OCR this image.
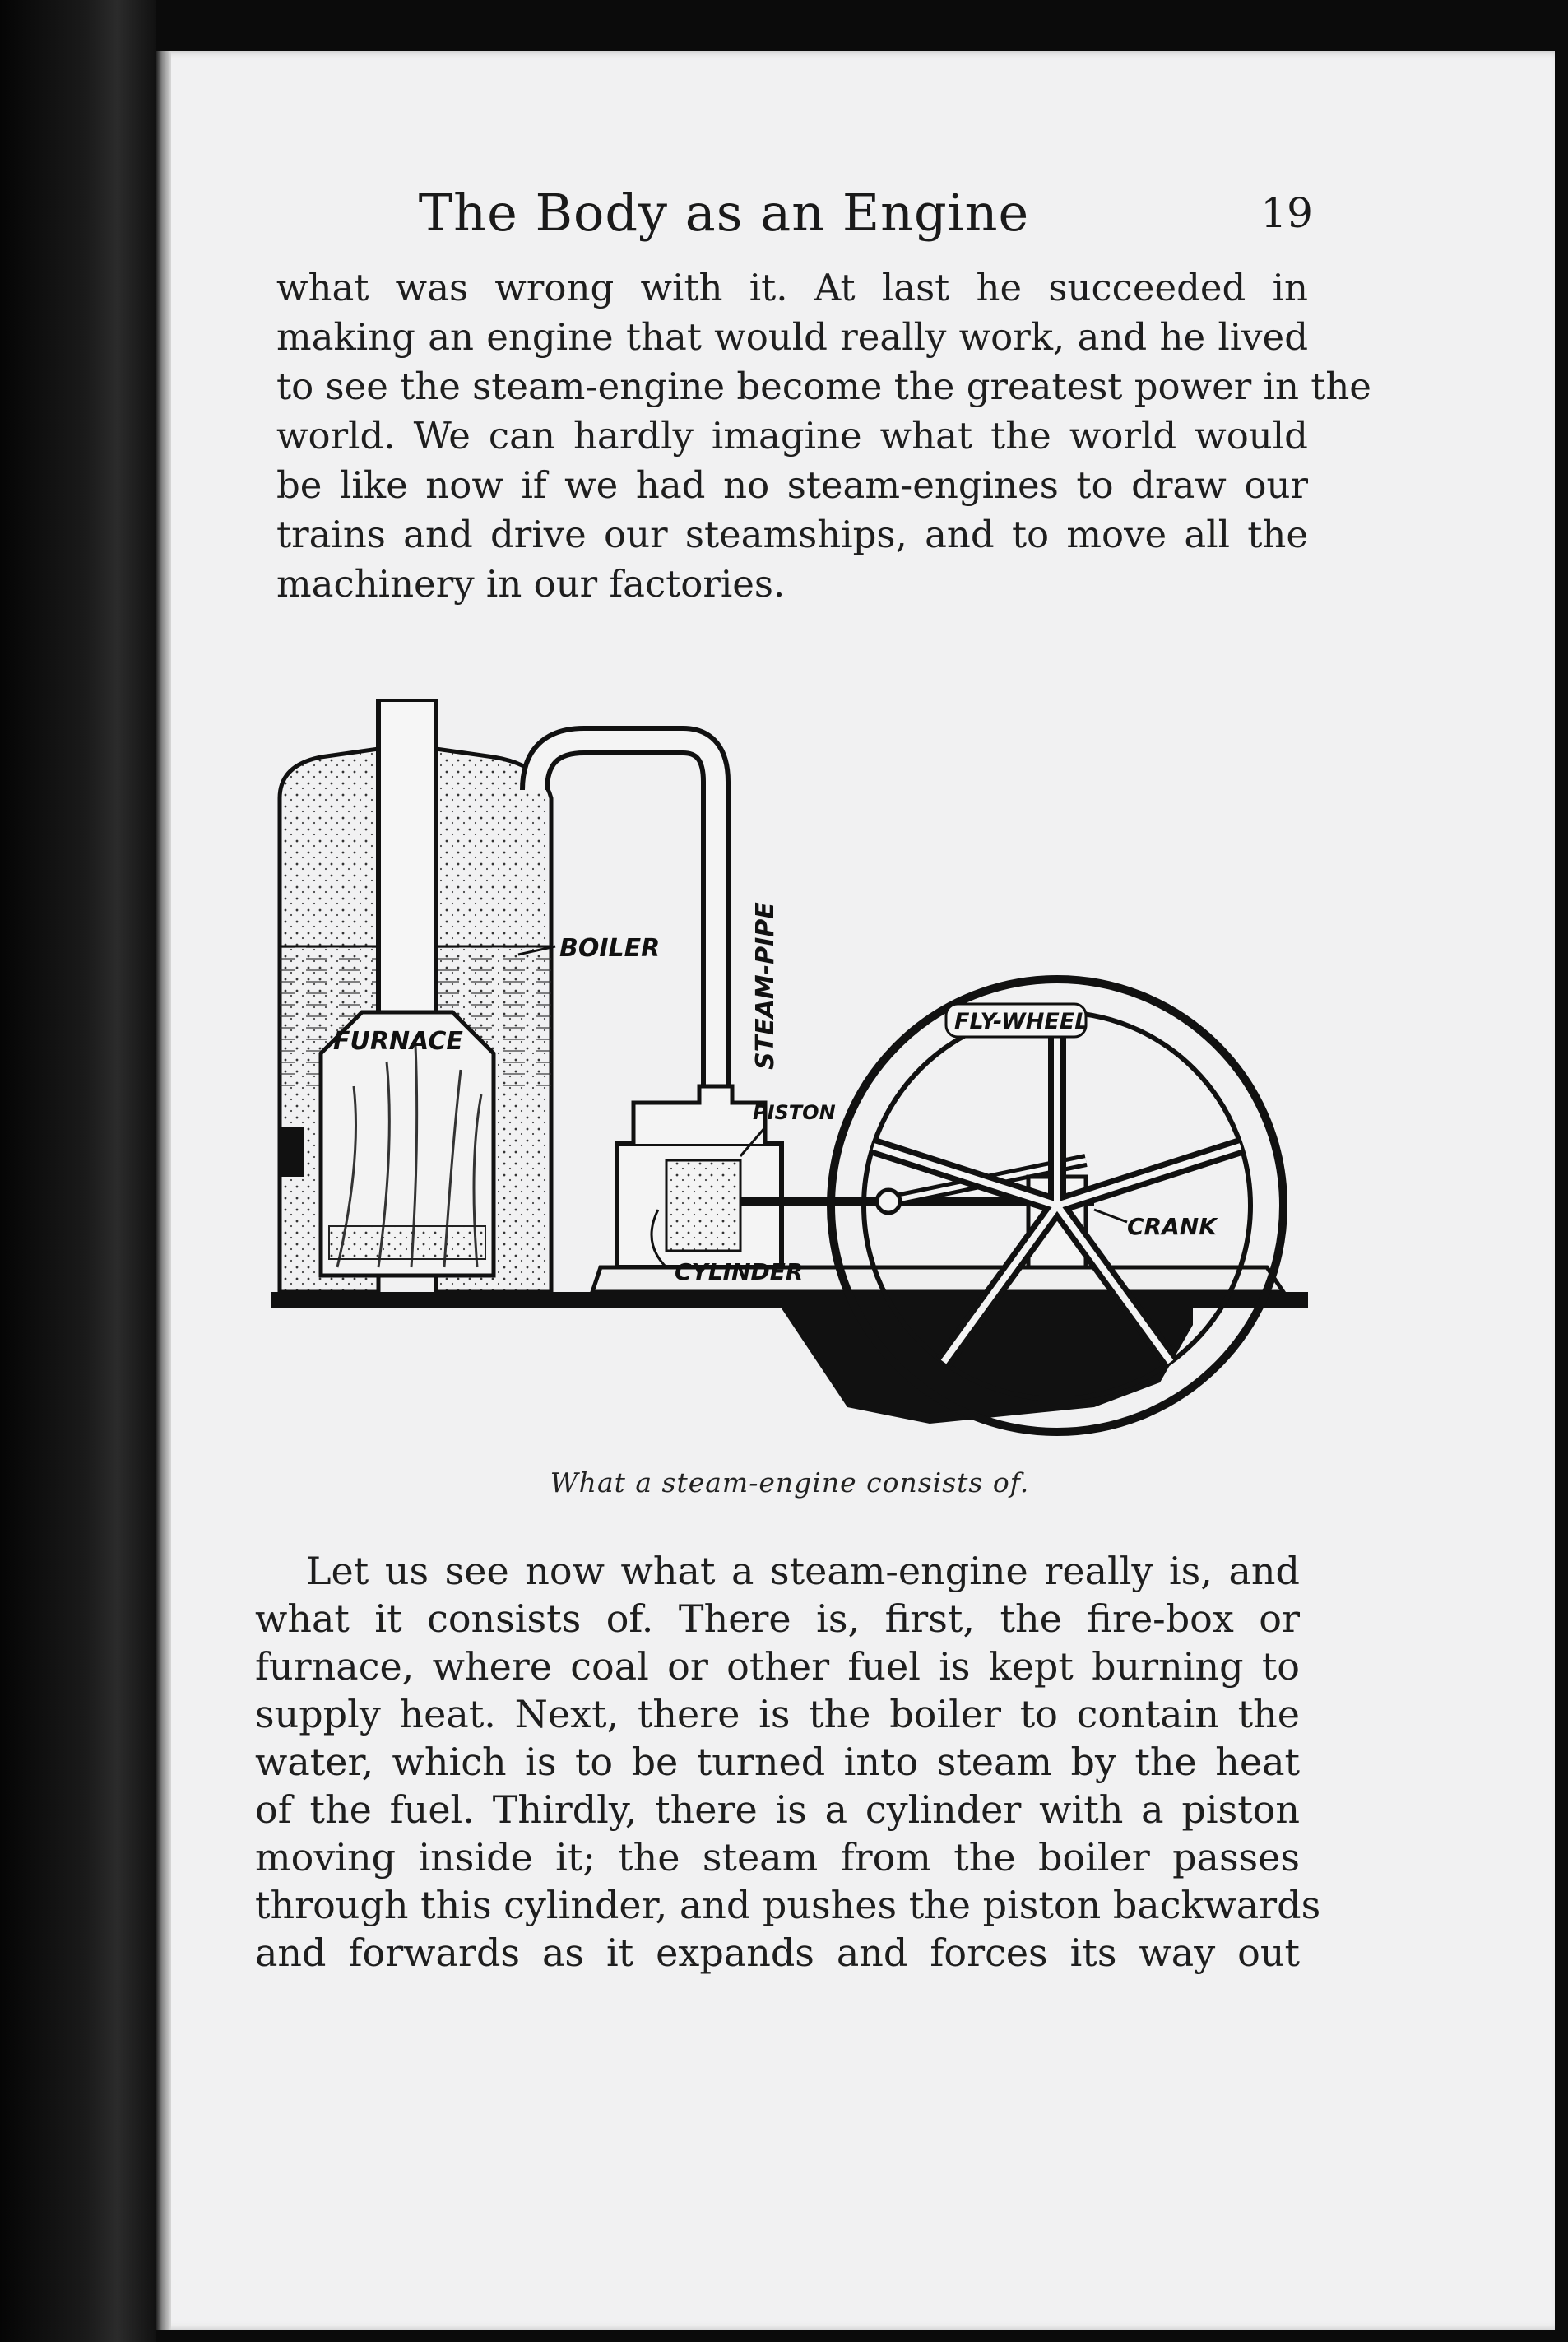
The Body as an Engine	19
what was wrong with it. At last he succeeded in
making an engine that would really work, and he lived
to see the steam-engine become the greatest power in the
world. We can hardly imagine what the world would
be like now if we had no steam-engines to draw our
trains and drive our steamships, and to move all the
machinery in our factories.
BOILER	STEAM-PIPE
FURNACE
PISTON
FLY-WHEEL
CRANK
CYLINDER
What a steam-engine consists of.
Let us see now what a steam-engine really is, and
what it consists of. There is, first, the fire-box or
furnace, where coal or other fuel is kept burning to
supply heat. Next, there is the boiler to contain the
water, which is to be turned into steam by the heat
of the fuel. Thirdly, there is a cylinder with a piston
moving inside it; the steam from the boiler passes
through this cylinder, and pushes the piston backwards
and forwards as it expands and forces its way out
